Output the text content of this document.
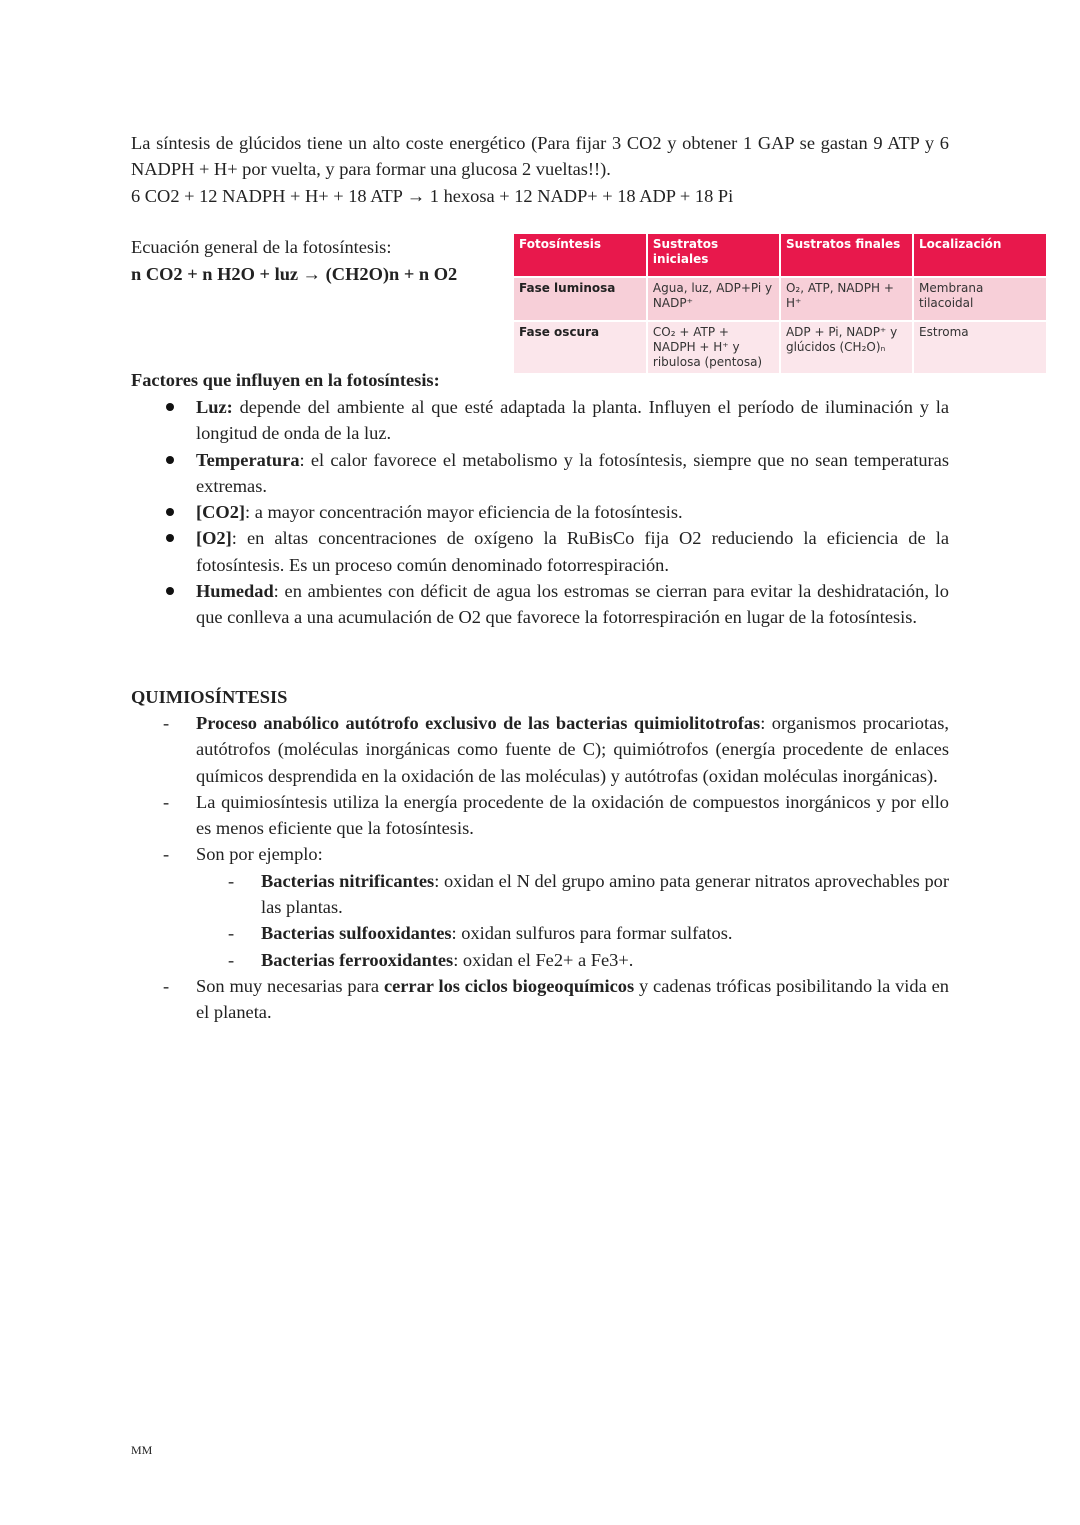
La síntesis de glúcidos tiene un alto coste energético (Para fijar 3 CO2 y obtener 1 GAP se gastan 9 ATP y 6 NADPH + H+ por vuelta, y para formar una glucosa 2 vueltas!!).
6 CO2 + 12 NADPH + H+ + 18 ATP → 1 hexosa + 12 NADP+ + 18 ADP + 18 Pi
Ecuación general de la fotosíntesis:
n CO2 + n H2O + luz → (CH2O)n + n O2
Fotosíntesis	Sustratos iniciales	Sustratos finales	Localización
Fase luminosa	Agua, luz, ADP+Pi y NADP⁺	O₂, ATP, NADPH + H⁺	Membrana tilacoidal
Fase oscura	CO₂ + ATP + NADPH + H⁺ y ribulosa (pentosa)	ADP + Pi, NADP⁺ y glúcidos (CH₂O)ₙ	Estroma
Factores que influyen en la fotosíntesis:
Luz: depende del ambiente al que esté adaptada la planta. Influyen el período de iluminación y la longitud de onda de la luz.
Temperatura: el calor favorece el metabolismo y la fotosíntesis, siempre que no sean temperaturas extremas.
[CO2]: a mayor concentración mayor eficiencia de la fotosíntesis.
[O2]: en altas concentraciones de oxígeno la RuBisCo fija O2 reduciendo la eficiencia de la fotosíntesis. Es un proceso común denominado fotorrespiración.
Humedad: en ambientes con déficit de agua los estromas se cierran para evitar la deshidratación, lo que conlleva a una acumulación de O2 que favorece la fotorrespiración en lugar de la fotosíntesis.
QUIMIOSÍNTESIS
- Proceso anabólico autótrofo exclusivo de las bacterias quimiolitotrofas: organismos procariotas, autótrofos (moléculas inorgánicas como fuente de C); quimiótrofos (energía procedente de enlaces químicos desprendida en la oxidación de las moléculas) y autótrofas (oxidan moléculas inorgánicas).
- La quimiosíntesis utiliza la energía procedente de la oxidación de compuestos inorgánicos y por ello es menos eficiente que la fotosíntesis.
- Son por ejemplo:
- Bacterias nitrificantes: oxidan el N del grupo amino pata generar nitratos aprovechables por las plantas.
- Bacterias sulfooxidantes: oxidan sulfuros para formar sulfatos.
- Bacterias ferrooxidantes: oxidan el Fe2+ a Fe3+.
- Son muy necesarias para cerrar los ciclos biogeoquímicos y cadenas tróficas posibilitando la vida en el planeta.
MM
